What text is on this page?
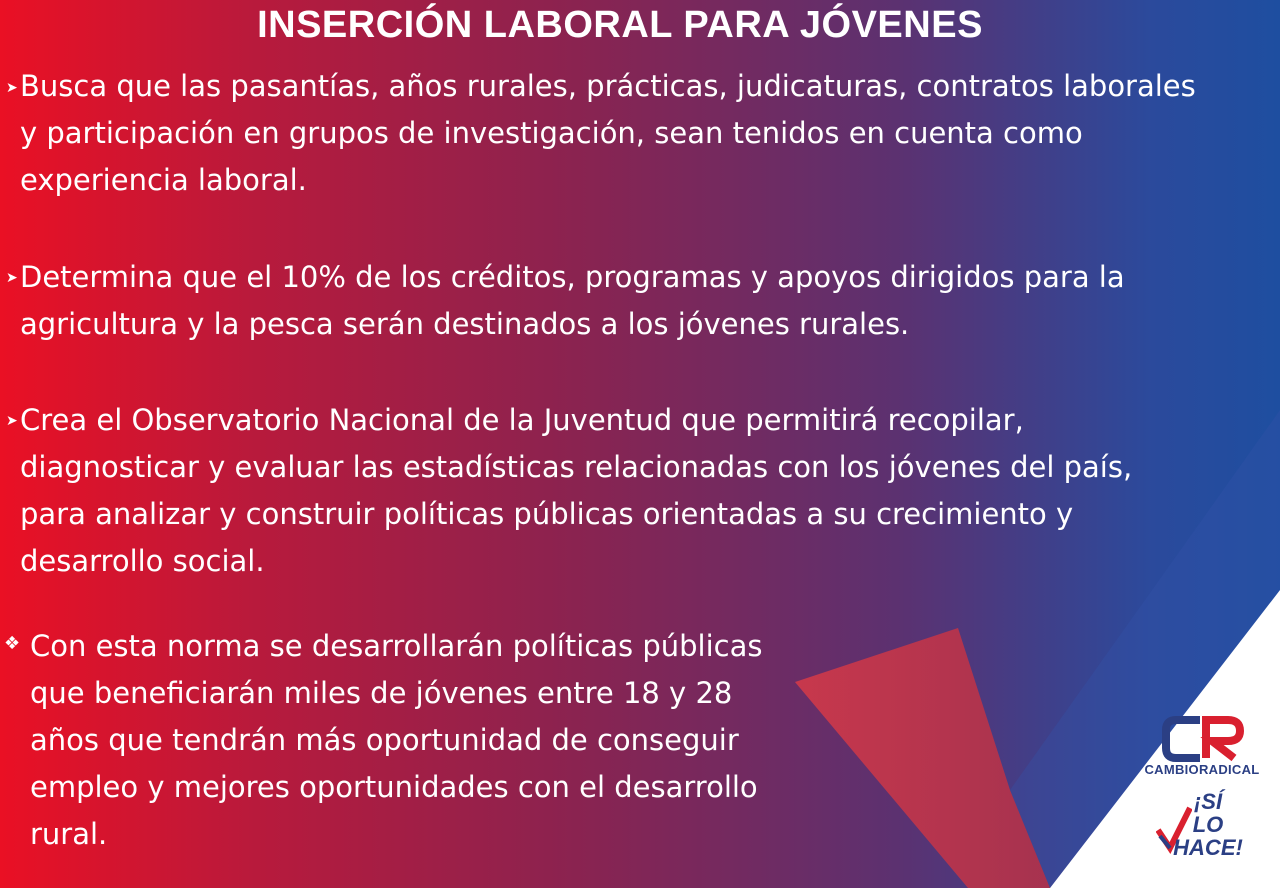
INSERCIÓN LABORAL PARA JÓVENES
➤ Busca que las pasantías, años rurales, prácticas, judicaturas, contratos laborales y participación en grupos de investigación, sean tenidos en cuenta como experiencia laboral.
➤ Determina que el 10% de los créditos, programas y apoyos dirigidos para la agricultura y la pesca serán destinados a los jóvenes rurales.
➤ Crea el Observatorio Nacional de la Juventud que permitirá recopilar, diagnosticar y evaluar las estadísticas relacionadas con los jóvenes del país, para analizar y construir políticas públicas orientadas a su crecimiento y desarrollo social.
❖ Con esta norma se desarrollarán políticas públicas que beneficiarán miles de jóvenes entre 18 y 28 años que tendrán más oportunidad de conseguir empleo y mejores oportunidades con el desarrollo rural.
CAMBIORADICAL
¡SÍ
LO
HACE!
